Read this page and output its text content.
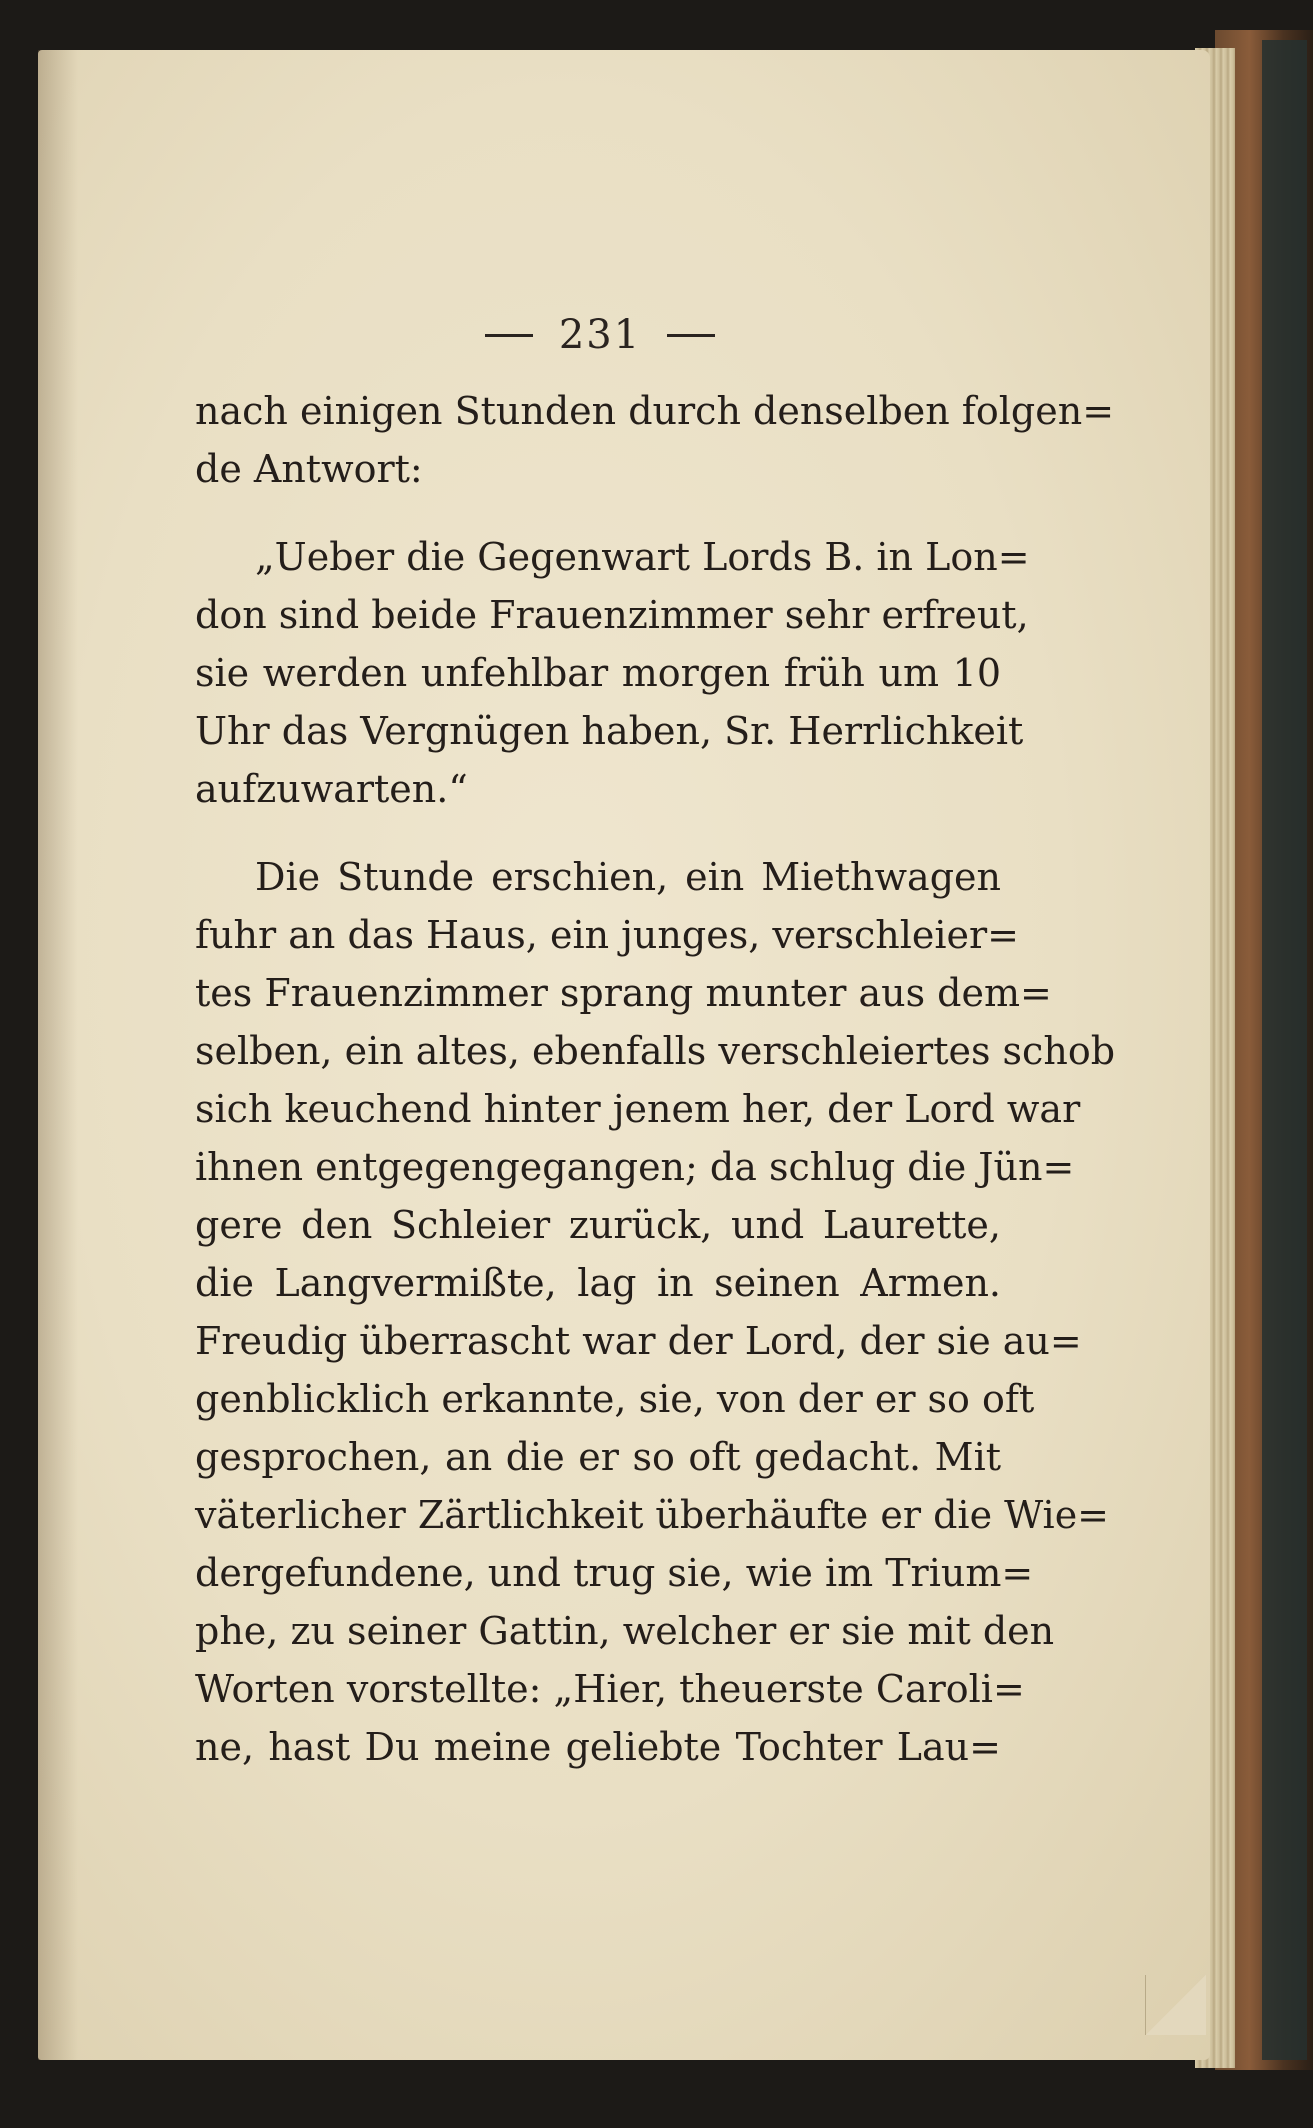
231
nach einigen Stunden durch denselben folgen=
de Antwort:
„Ueber die Gegenwart Lords B. in Lon=
don sind beide Frauenzimmer sehr erfreut,
sie werden unfehlbar morgen früh um 10
Uhr das Vergnügen haben, Sr. Herrlichkeit
aufzuwarten.“
Die Stunde erschien, ein Miethwagen
fuhr an das Haus, ein junges, verschleier=
tes Frauenzimmer sprang munter aus dem=
selben, ein altes, ebenfalls verschleiertes schob
sich keuchend hinter jenem her, der Lord war
ihnen entgegengegangen; da schlug die Jün=
gere den Schleier zurück, und Laurette,
die Langvermißte, lag in seinen Armen.
Freudig überrascht war der Lord, der sie au=
genblicklich erkannte, sie, von der er so oft
gesprochen, an die er so oft gedacht. Mit
väterlicher Zärtlichkeit überhäufte er die Wie=
dergefundene, und trug sie, wie im Trium=
phe, zu seiner Gattin, welcher er sie mit den
Worten vorstellte: „Hier, theuerste Caroli=
ne, hast Du meine geliebte Tochter Lau=
